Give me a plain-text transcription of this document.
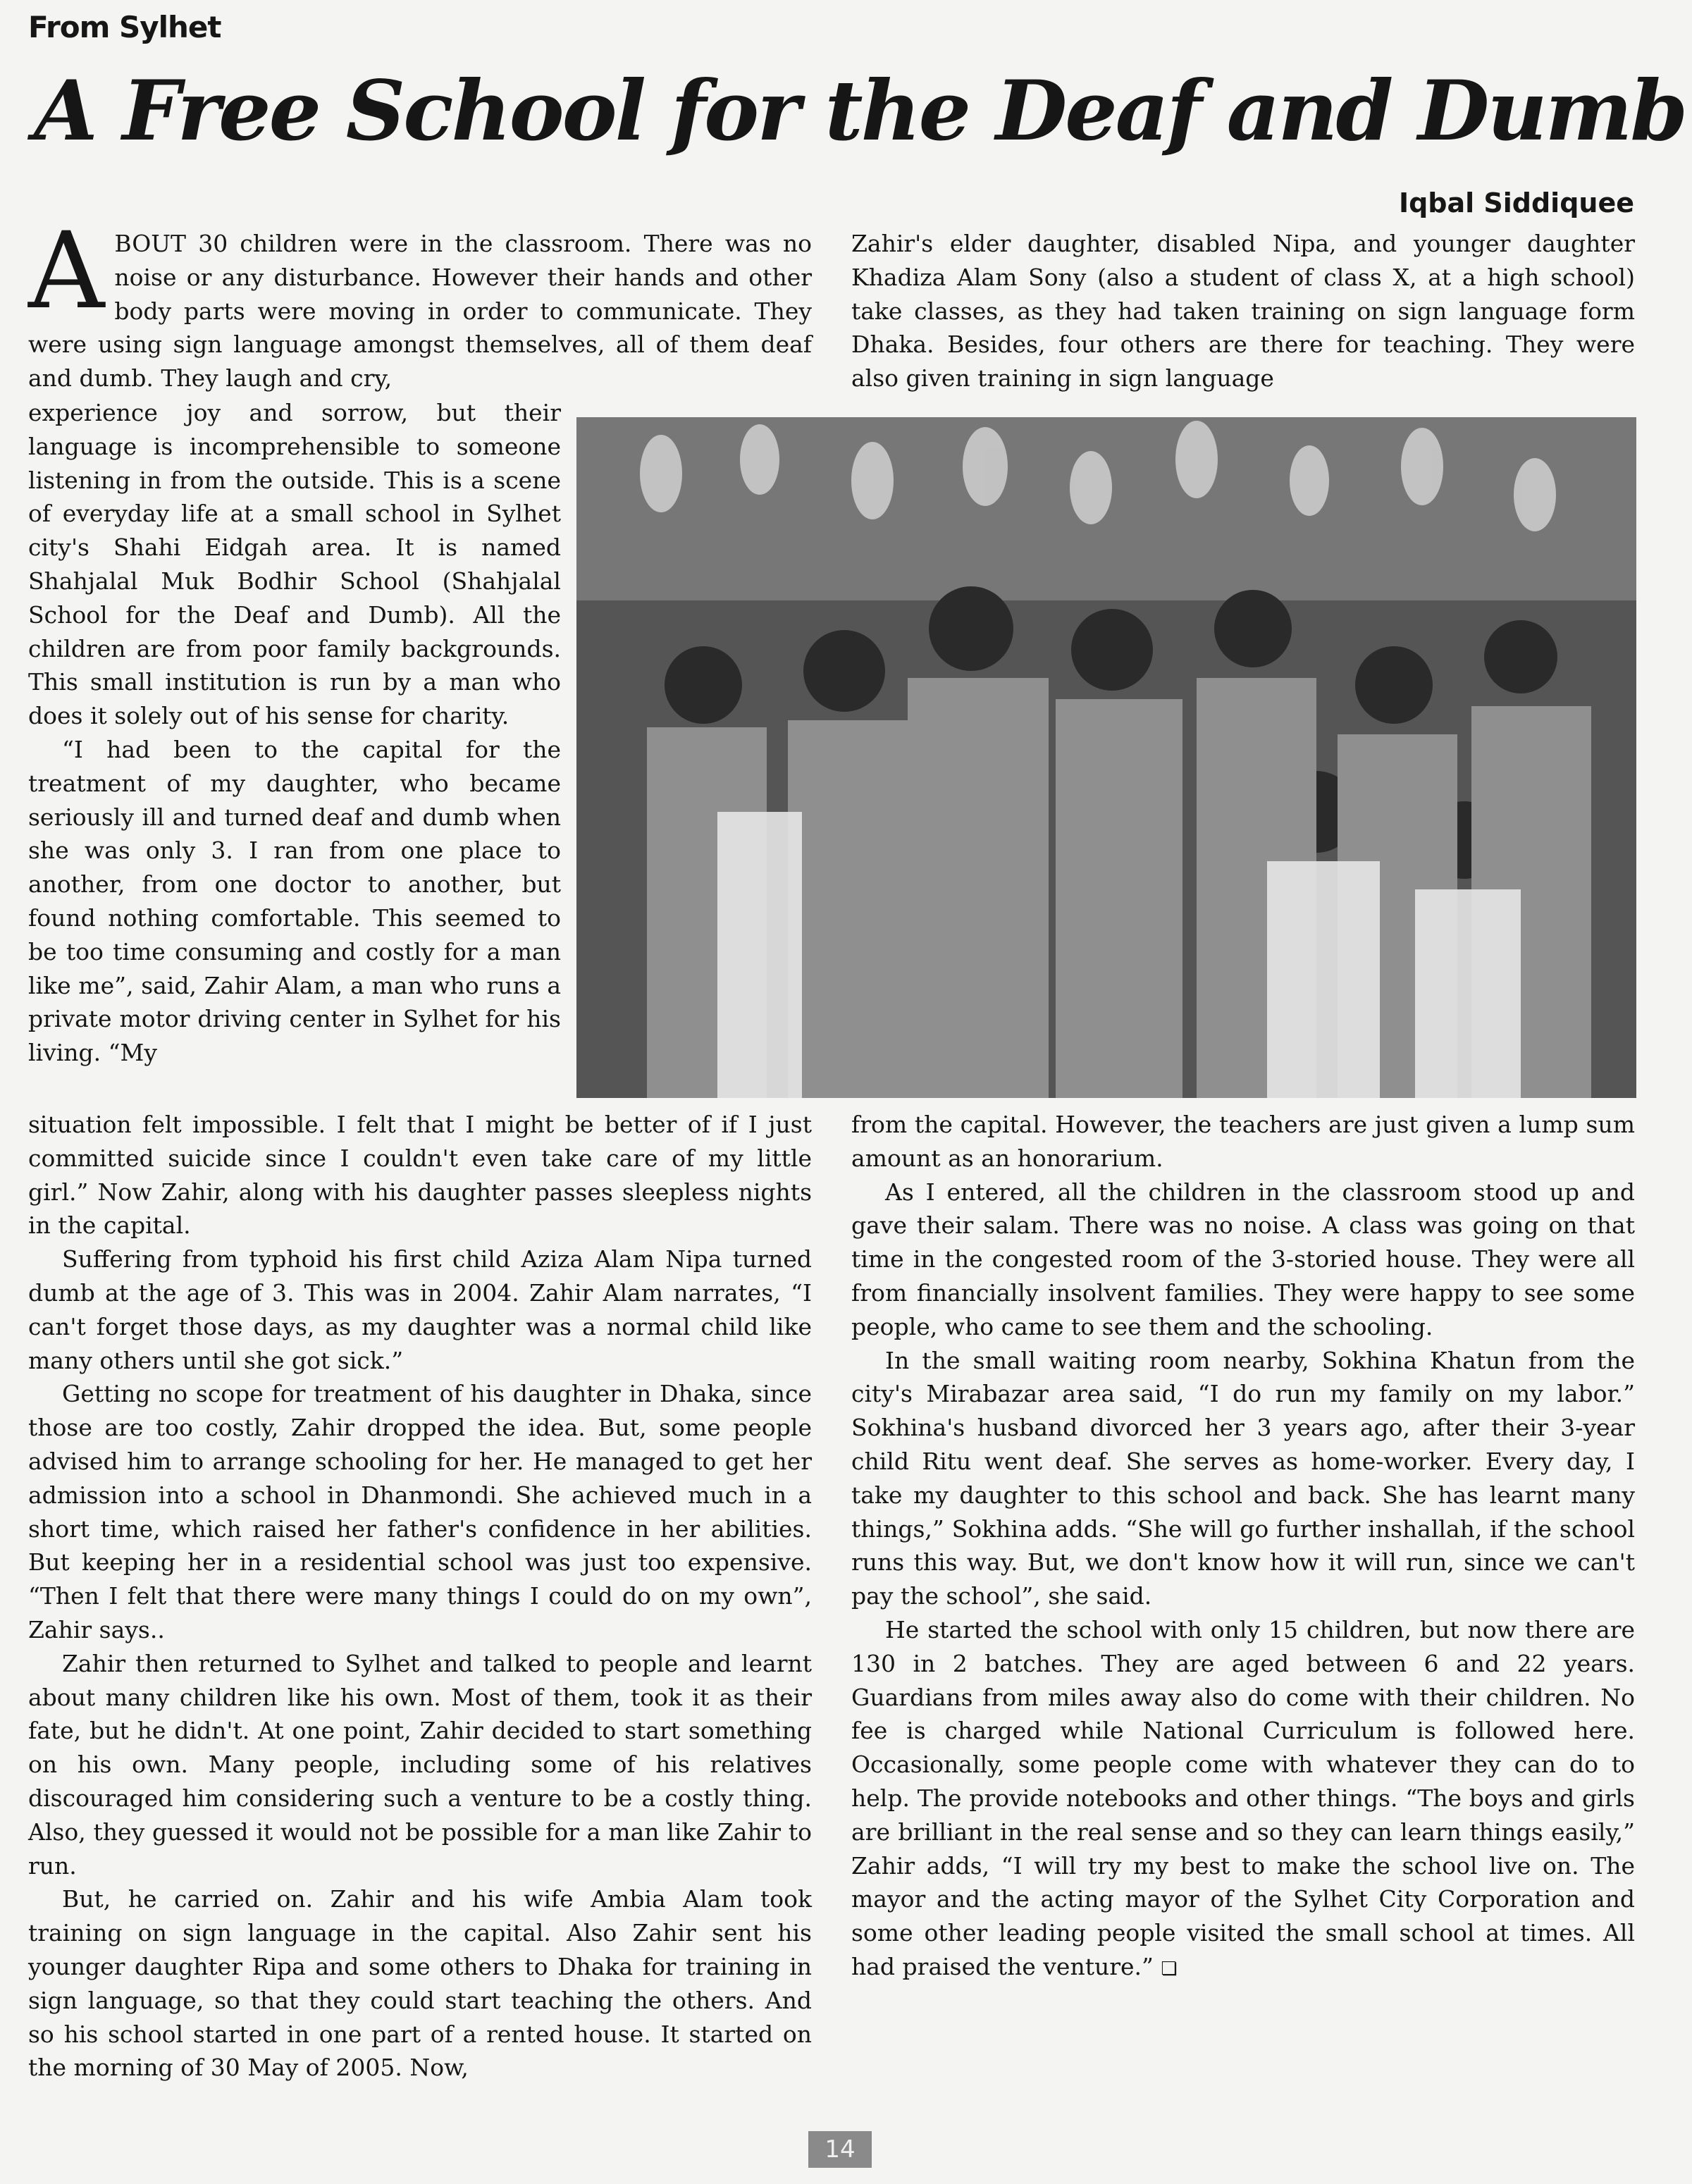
From Sylhet
A Free School for the Deaf and Dumb
Iqbal Siddiquee

ABOUT 30 children were in the classroom. There was no noise or any disturbance. However their hands and other body parts were moving in order to communicate. They were using sign language amongst themselves, all of them deaf and dumb. They laugh and cry,

experience joy and sorrow, but their language is incomprehensible to someone listening in from the outside. This is a scene of everyday life at a small school in Sylhet city's Shahi Eidgah area. It is named Shahjalal Muk Bodhir School (Shahjalal School for the Deaf and Dumb). All the children are from poor family backgrounds. This small institution is run by a man who does it solely out of his sense for charity.

“I had been to the capital for the treatment of my daughter, who became seriously ill and turned deaf and dumb when she was only 3. I ran from one place to another, from one doctor to another, but found nothing comfortable. This seemed to be too time consuming and costly for a man like me”, said, Zahir Alam, a man who runs a private motor driving center in Sylhet for his living. “My

Zahir's elder daughter, disabled Nipa, and younger daughter Khadiza Alam Sony (also a student of class X, at a high school) take classes, as they had taken training on sign language form Dhaka. Besides, four others are there for teaching. They were also given training in sign language

situation felt impossible. I felt that I might be better of if I just committed suicide since I couldn't even take care of my little girl.” Now Zahir, along with his daughter passes sleepless nights in the capital.

Suffering from typhoid his first child Aziza Alam Nipa turned dumb at the age of 3. This was in 2004. Zahir Alam narrates, “I can't forget those days, as my daughter was a normal child like many others until she got sick.”

Getting no scope for treatment of his daughter in Dhaka, since those are too costly, Zahir dropped the idea. But, some people advised him to arrange schooling for her. He managed to get her admission into a school in Dhanmondi. She achieved much in a short time, which raised her father's confidence in her abilities. But keeping her in a residential school was just too expensive. “Then I felt that there were many things I could do on my own”, Zahir says..

Zahir then returned to Sylhet and talked to people and learnt about many children like his own. Most of them, took it as their fate, but he didn't. At one point, Zahir decided to start something on his own. Many people, including some of his relatives discouraged him considering such a venture to be a costly thing. Also, they guessed it would not be possible for a man like Zahir to run.

But, he carried on. Zahir and his wife Ambia Alam took training on sign language in the capital. Also Zahir sent his younger daughter Ripa and some others to Dhaka for training in sign language, so that they could start teaching the others. And so his school started in one part of a rented house. It started on the morning of 30 May of 2005. Now,

from the capital. However, the teachers are just given a lump sum amount as an honorarium.

As I entered, all the children in the classroom stood up and gave their salam. There was no noise. A class was going on that time in the congested room of the 3-storied house. They were all from financially insolvent families. They were happy to see some people, who came to see them and the schooling.

In the small waiting room nearby, Sokhina Khatun from the city's Mirabazar area said, “I do run my family on my labor.” Sokhina's husband divorced her 3 years ago, after their 3-year child Ritu went deaf. She serves as home-worker. Every day, I take my daughter to this school and back. She has learnt many things,” Sokhina adds. “She will go further inshallah, if the school runs this way. But, we don't know how it will run, since we can't pay the school”, she said.

He started the school with only 15 children, but now there are 130 in 2 batches. They are aged between 6 and 22 years. Guardians from miles away also do come with their children. No fee is charged while National Curriculum is followed here. Occasionally, some people come with whatever they can do to help. The provide notebooks and other things. “The boys and girls are brilliant in the real sense and so they can learn things easily,” Zahir adds, “I will try my best to make the school live on. The mayor and the acting mayor of the Sylhet City Corporation and some other leading people visited the small school at times. All had praised the venture.” ❏

14
